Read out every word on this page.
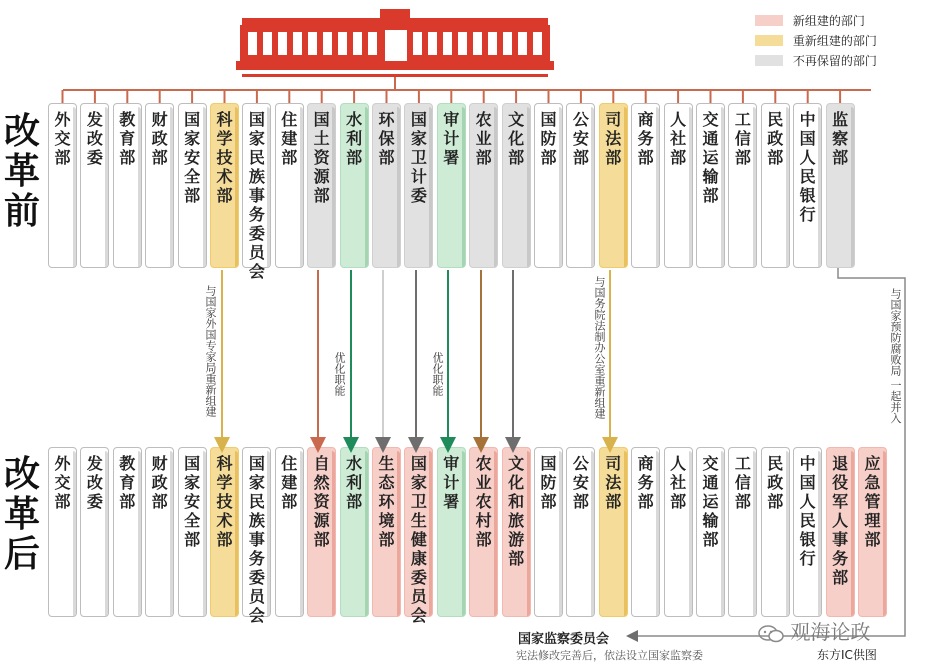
新组建的部门
重新组建的部门
不再保留的部门
改革前
改革后
外交部
发改委
教育部
财政部
国家安全部
科学技术部
国家民族事务委员会
住建部
国土资源部
水利部
环保部
国家卫计委
审计署
农业部
文化部
国防部
公安部
司法部
商务部
人社部
交通运输部
工信部
民政部
中国人民银行
监察部
外交部
发改委
教育部
财政部
国家安全部
科学技术部
国家民族事务委员会
住建部
自然资源部
水利部
生态环境部
国家卫生健康委员会
审计署
农业农村部
文化和旅游部
国防部
公安部
司法部
商务部
人社部
交通运输部
工信部
民政部
中国人民银行
退役军人事务部
应急管理部
与国家外国专家局重新组建	优化职能	优化职能	与国务院法制办公室重新组建	与国家预防腐败局 一起并入
国家监察委员会
宪法修改完善后，依法设立国家监察委
观海论政
东方IC供图
